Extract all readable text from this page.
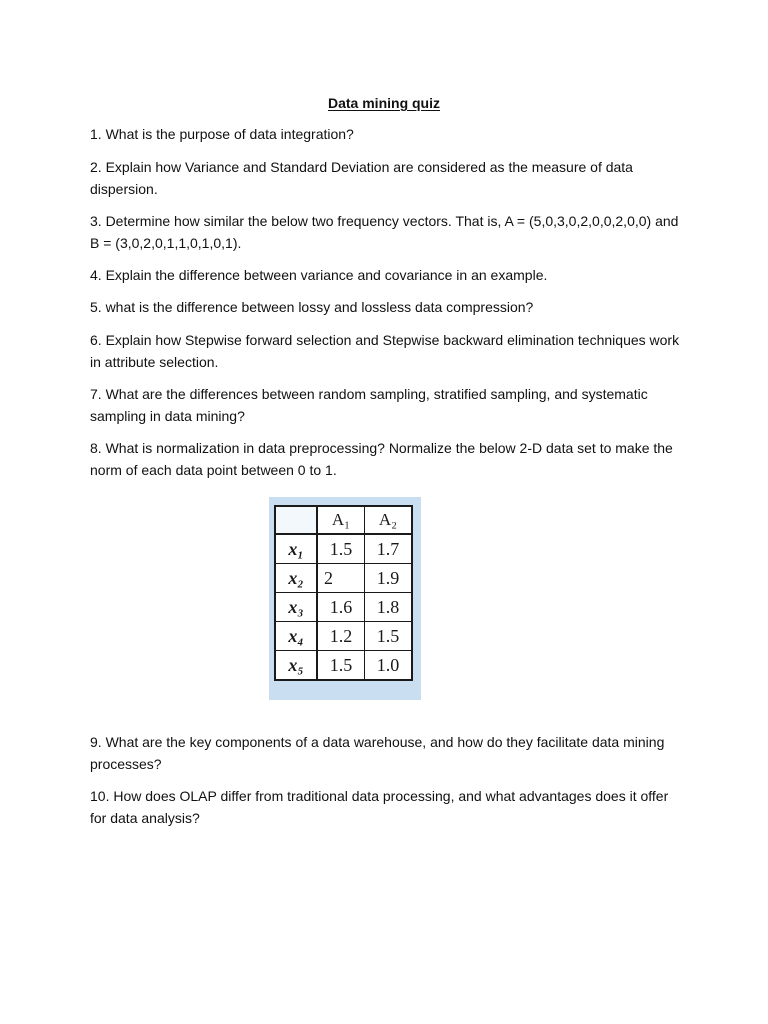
Data mining quiz

1. What is the purpose of data integration?

2. Explain how Variance and Standard Deviation are considered as the measure of data dispersion.

3. Determine how similar the below two frequency vectors. That is, A = (5,0,3,0,2,0,0,2,0,0) and B = (3,0,2,0,1,1,0,1,0,1).

4. Explain the difference between variance and covariance in an example.

5. what is the difference between lossy and lossless data compression?

6. Explain how Stepwise forward selection and Stepwise backward elimination techniques work in attribute selection.

7. What are the differences between random sampling, stratified sampling, and systematic sampling in data mining?

8. What is normalization in data preprocessing? Normalize the below 2-D data set to make the norm of each data point between 0 to 1.

	A₁	A₂
x₁	1.5	1.7
x₂	2	1.9
x₃	1.6	1.8
x₄	1.2	1.5
x₅	1.5	1.0

9. What are the key components of a data warehouse, and how do they facilitate data mining processes?

10. How does OLAP differ from traditional data processing, and what advantages does it offer for data analysis?
